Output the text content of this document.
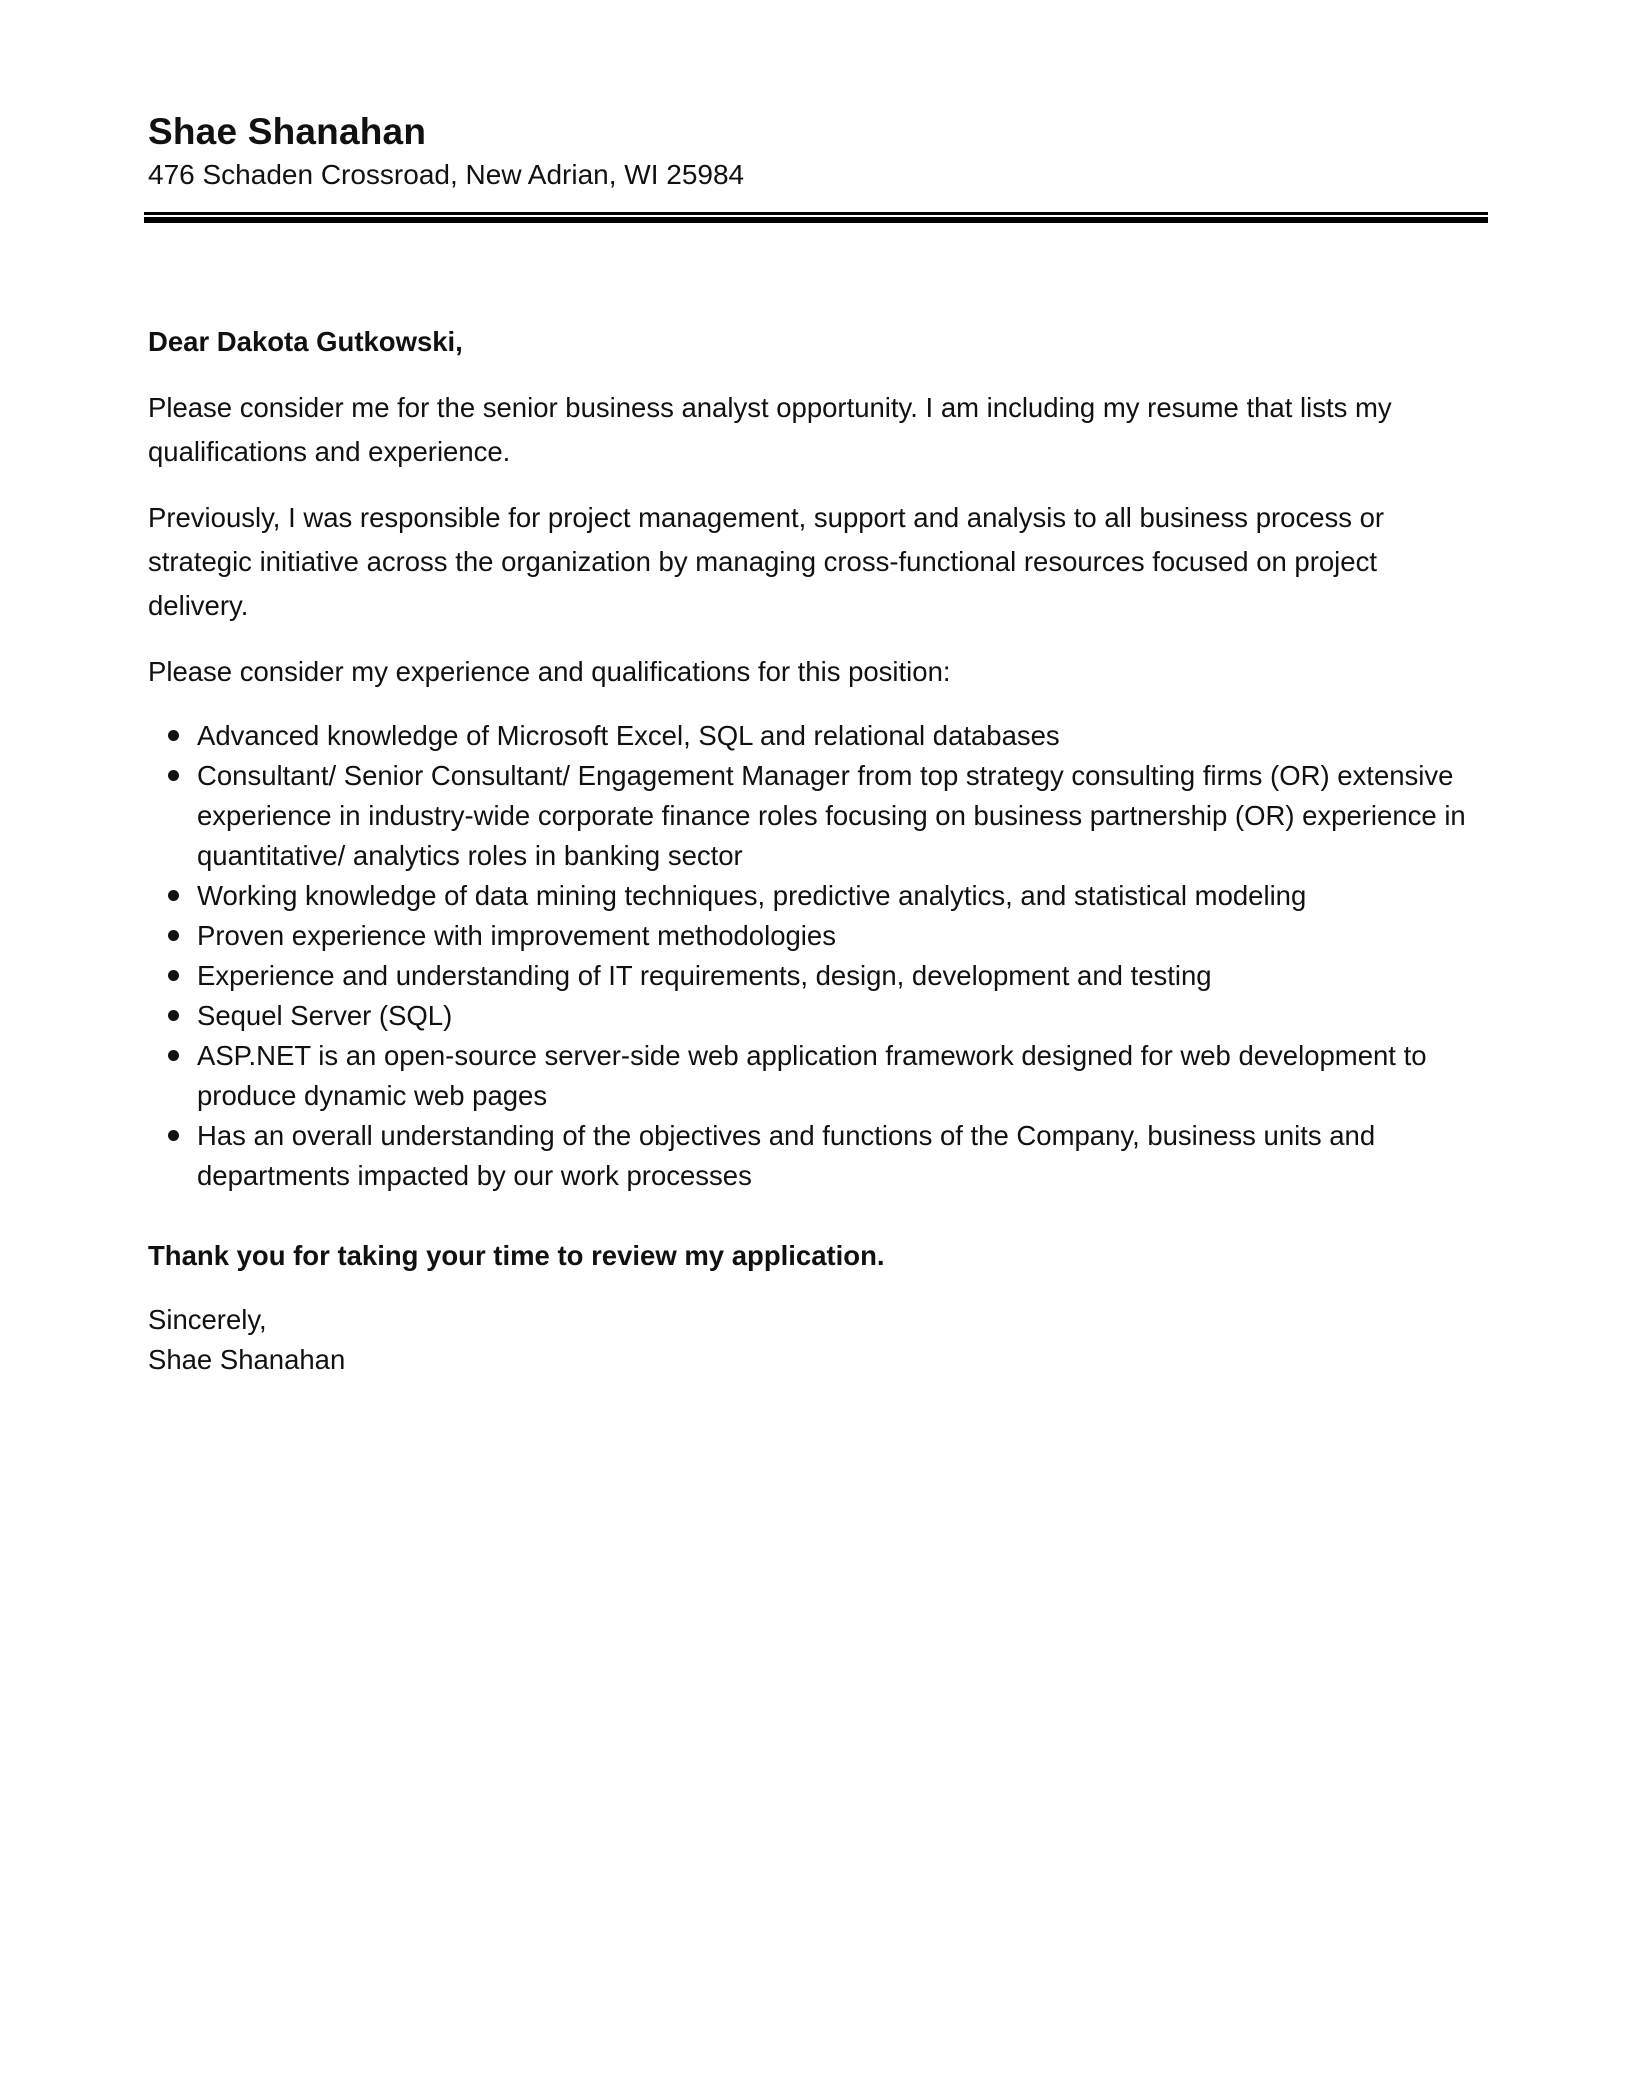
Shae Shanahan

476 Schaden Crossroad, New Adrian, WI 25984

Dear Dakota Gutkowski,

Please consider me for the senior business analyst opportunity. I am including my resume that lists my qualifications and experience.

Previously, I was responsible for project management, support and analysis to all business process or strategic initiative across the organization by managing cross-functional resources focused on project delivery.

Please consider my experience and qualifications for this position:

Advanced knowledge of Microsoft Excel, SQL and relational databases
Consultant/ Senior Consultant/ Engagement Manager from top strategy consulting firms (OR) extensive experience in industry-wide corporate finance roles focusing on business partnership (OR) experience in quantitative/ analytics roles in banking sector
Working knowledge of data mining techniques, predictive analytics, and statistical modeling
Proven experience with improvement methodologies
Experience and understanding of IT requirements, design, development and testing
Sequel Server (SQL)
ASP.NET is an open-source server-side web application framework designed for web development to produce dynamic web pages
Has an overall understanding of the objectives and functions of the Company, business units and departments impacted by our work processes

Thank you for taking your time to review my application.

Sincerely,

Shae Shanahan
